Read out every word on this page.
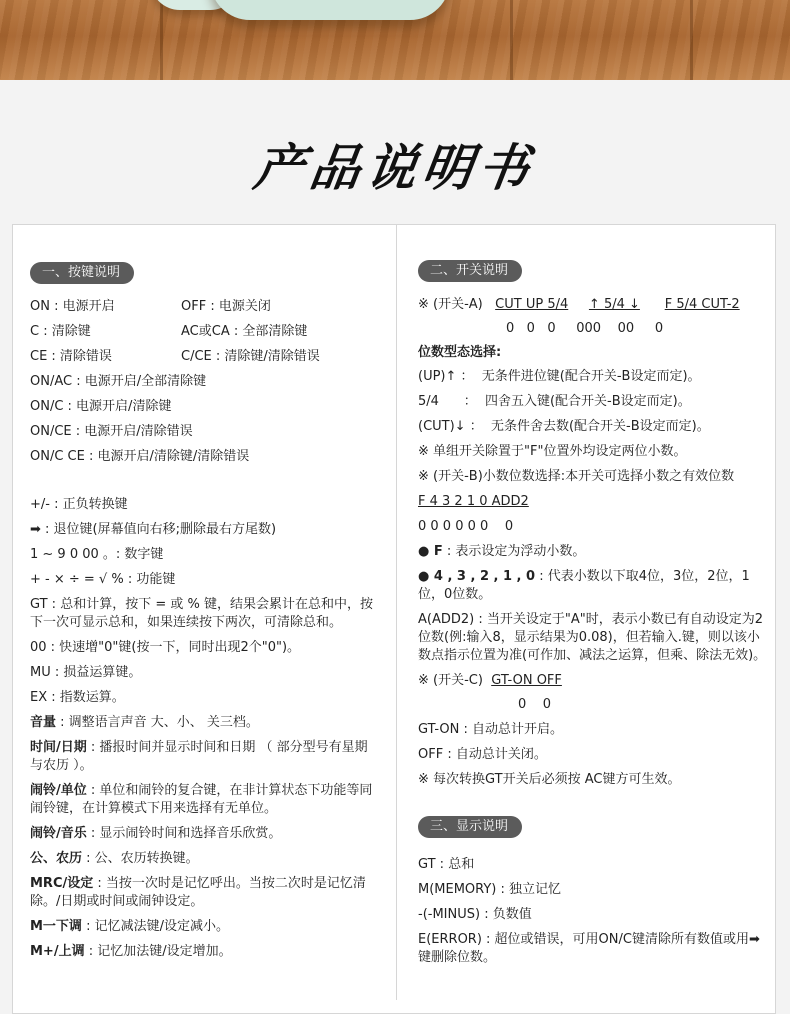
产品说明书
一、按键说明
ON : 电源开启	OFF : 电源关闭
C : 清除键	AC或CA : 全部清除键
CE : 清除错误	C/CE : 清除键/清除错误
ON/AC : 电源开启/全部清除键
ON/C : 电源开启/清除键
ON/CE : 电源开启/清除错误
ON/C CE : 电源开启/清除键/清除错误
+/- : 正负转换键
➡ : 退位键(屏幕值向右移;删除最右方尾数)
1 ~ 9 0 00 。: 数字键
+ - × ÷ = √ % : 功能键
GT : 总和计算，按下 = 或 % 键，结果会累计在总和中，按下一次可显示总和，如果连续按下两次，可清除总和。
00 : 快速增"0"键(按一下，同时出现2个"0")。
MU : 损益运算键。
EX : 指数运算。
音量 : 调整语言声音 大、小、 关三档。
时间/日期 : 播报时间并显示时间和日期 （ 部分型号有星期与农历 ）。
闹铃/单位 : 单位和闹铃的复合键，在非计算状态下功能等同闹铃键，在计算模式下用来选择有无单位。
闹铃/音乐 : 显示闹铃时间和选择音乐欣赏。
公、农历 : 公、农历转换键。
MRC/设定 : 当按一次时是记忆呼出。当按二次时是记忆清除。/日期或时间或闹钟设定。
M一下调 : 记忆减法键/设定减小。
M+/上调 : 记忆加法键/设定增加。
二、开关说明
※ (开关-A) CUT UP 5/4 ↑ 5/4 ↓ F 5/4 CUT-2
0   0   0     000    00     0
位数型态选择:
(UP)↑ ：  无条件进位键(配合开关-B设定而定)。
5/4      ：  四舍五入键(配合开关-B设定而定)。
(CUT)↓ ：  无条件舍去数(配合开关-B设定而定)。
※ 单组开关除置于"F"位置外均设定两位小数。
※ (开关-B)小数位数选择:本开关可选择小数之有效位数
F 4 3 2 1 0 ADD2
0 0 0 0 0 0    0
● F : 表示设定为浮动小数。
● 4 , 3 , 2 , 1 , 0 : 代表小数以下取4位，3位，2位，1位，0位数。
A(ADD2) : 当开关设定于"A"时，表示小数已有自动设定为2位数(例:输入8，显示结果为0.08)，但若输入.键，则以该小数点指示位置为准(可作加、减法之运算，但乘、除法无效)。
※ (开关-C) GT-ON OFF
0    0
GT-ON : 自动总计开启。
OFF : 自动总计关闭。
※ 每次转换GT开关后必须按 AC键方可生效。
三、显示说明
GT : 总和
M(MEMORY) : 独立记忆
-(-MINUS) : 负数值
E(ERROR) : 超位或错误，可用ON/C键清除所有数值或用➡键删除位数。
